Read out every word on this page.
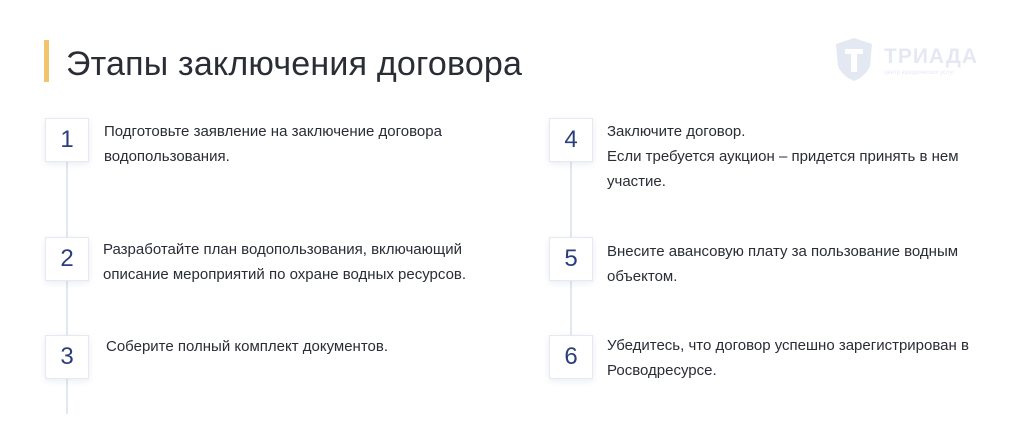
Этапы заключения договора	ТРИАДА
центр юридических услуг
1	Подготовьте заявление на заключение договора
водопользования.

2	Разработайте план водопользования, включающий
описание мероприятий по охране водных ресурсов.

3	Соберите полный комплект документов.

4	Заключите договор.
Если требуется аукцион – придется принять в нем
участие.

5	Внесите авансовую плату за пользование водным
объектом.

6	Убедитесь, что договор успешно зарегистрирован в
Росводресурсе.
